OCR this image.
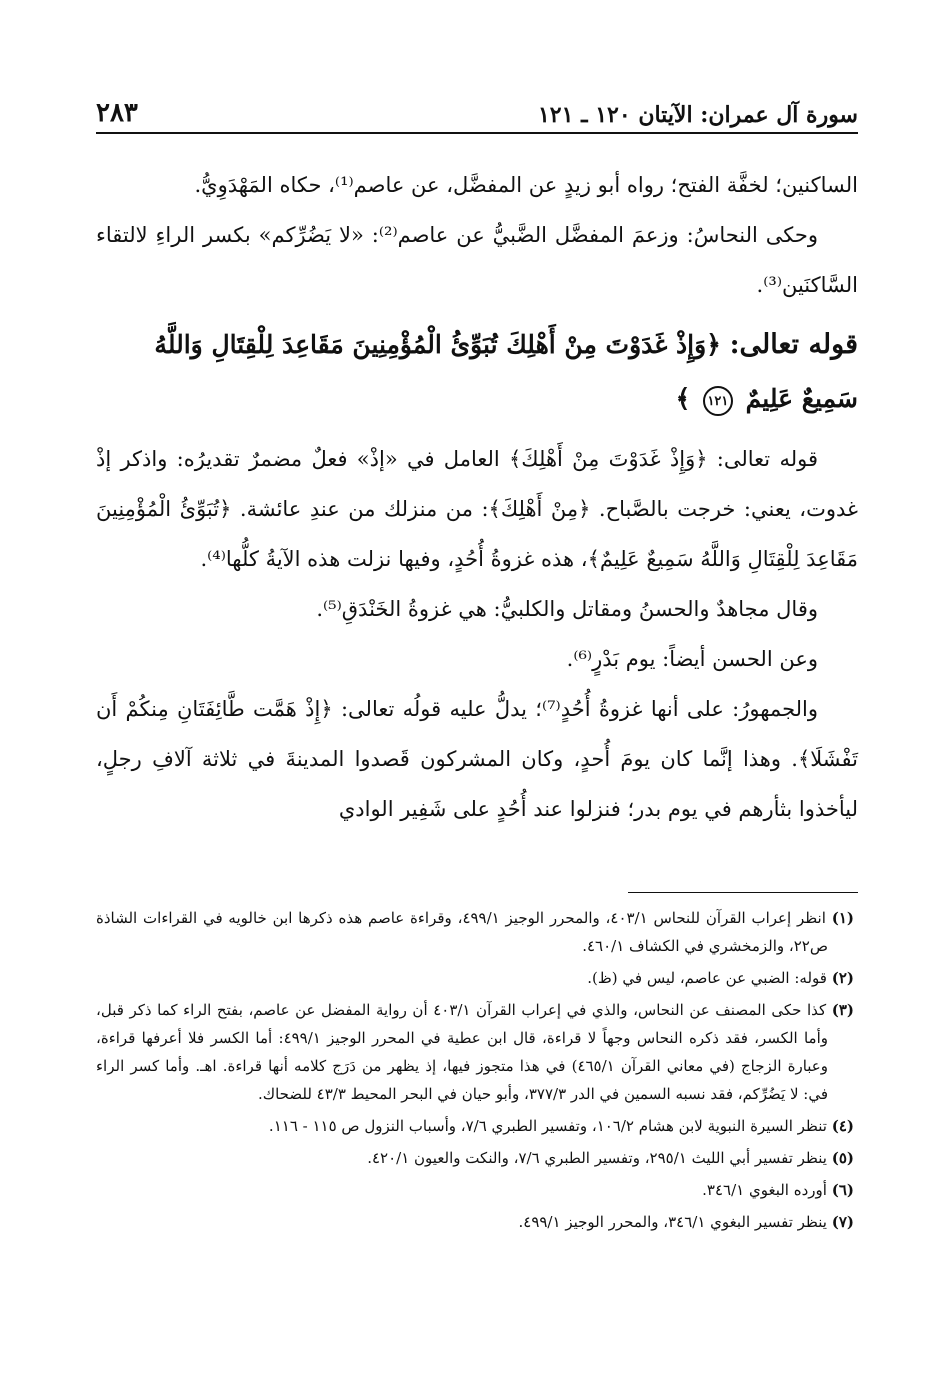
سورة آل عمران: الآيتان ١٢٠ ـ ١٢١
٢٨٣

الساكنين؛ لخفَّة الفتح؛ رواه أبو زيدٍ عن المفضَّل، عن عاصم⁽¹⁾، حكاه المَهْدَوِيُّ.

وحكى النحاسُ: وزعمَ المفضَّل الضَّبيُّ عن عاصم⁽²⁾: «لا يَضُرِّكم» بكسر الراءِ لالتقاء السَّاكنَين⁽³⁾.

قوله تعالى: ﴿وَإِذْ غَدَوْتَ مِنْ أَهْلِكَ تُبَوِّئُ الْمُؤْمِنِينَ مَقَاعِدَ لِلْقِتَالِ وَاللَّهُ سَمِيعٌ عَلِيمٌ ١٢١ ﴾

قوله تعالى: ﴿وَإِذْ غَدَوْتَ مِنْ أَهْلِكَ﴾ العامل في «إذْ» فعلٌ مضمرٌ تقديرُه: واذكر إذْ غدوت، يعني: خرجت بالصَّباح. ﴿مِنْ أَهْلِكَ﴾: من منزلك من عندِ عائشة. ﴿تُبَوِّئُ الْمُؤْمِنِينَ مَقَاعِدَ لِلْقِتَالِ وَاللَّهُ سَمِيعٌ عَلِيمٌ﴾، هذه غزوةُ أُحُدٍ، وفيها نزلت هذه الآيةُ كلُّها⁽⁴⁾.

وقال مجاهدٌ والحسنُ ومقاتل والكلبيُّ: هي غزوةُ الخَنْدَقِ⁽⁵⁾.

وعن الحسن أيضاً: يوم بَدْرٍ⁽⁶⁾.

والجمهورُ: على أنها غزوةُ أُحُدٍ⁽⁷⁾؛ يدلُّ عليه قولُه تعالى: ﴿إِذْ هَمَّت طَّائِفَتَانِ مِنكُمْ أَن تَفْشَلَا﴾. وهذا إنَّما كان يومَ أُحدٍ، وكان المشركون قَصدوا المدينةَ في ثلاثة آلافِ رجلٍ، ليأخذوا بثأرهم في يوم بدر؛ فنزلوا عند أُحُدٍ على شَفِير الوادي

(١) انظر إعراب القرآن للنحاس ٤٠٣/١، والمحرر الوجيز ٤٩٩/١، وقراءة عاصم هذه ذكرها ابن خالويه في القراءات الشاذة ص٢٢، والزمخشري في الكشاف ٤٦٠/١.

(٢) قوله: الضبي عن عاصم، ليس في (ظ).

(٣) كذا حكى المصنف عن النحاس، والذي في إعراب القرآن ٤٠٣/١ أن رواية المفضل عن عاصم، بفتح الراء كما ذكر قبل، وأما الكسر، فقد ذكره النحاس وجهاً لا قراءة، قال ابن عطية في المحرر الوجيز ٤٩٩/١: أما الكسر فلا أعرفها قراءة، وعبارة الزجاج (في معاني القرآن ٤٦٥/١) في هذا متجوز فيها، إذ يظهر من دَرَج كلامه أنها قراءة. اهـ. وأما كسر الراء في: لا يَضُرِّكم، فقد نسبه السمين في الدر ٣٧٧/٣، وأبو حيان في البحر المحيط ٤٣/٣ للضحاك.

(٤) تنظر السيرة النبوية لابن هشام ١٠٦/٢، وتفسير الطبري ٧/٦، وأسباب النزول ص ١١٥ - ١١٦.

(٥) ينظر تفسير أبي الليث ٢٩٥/١، وتفسير الطبري ٧/٦، والنكت والعيون ٤٢٠/١.

(٦) أورده البغوي ٣٤٦/١.

(٧) ينظر تفسير البغوي ٣٤٦/١، والمحرر الوجيز ٤٩٩/١.
